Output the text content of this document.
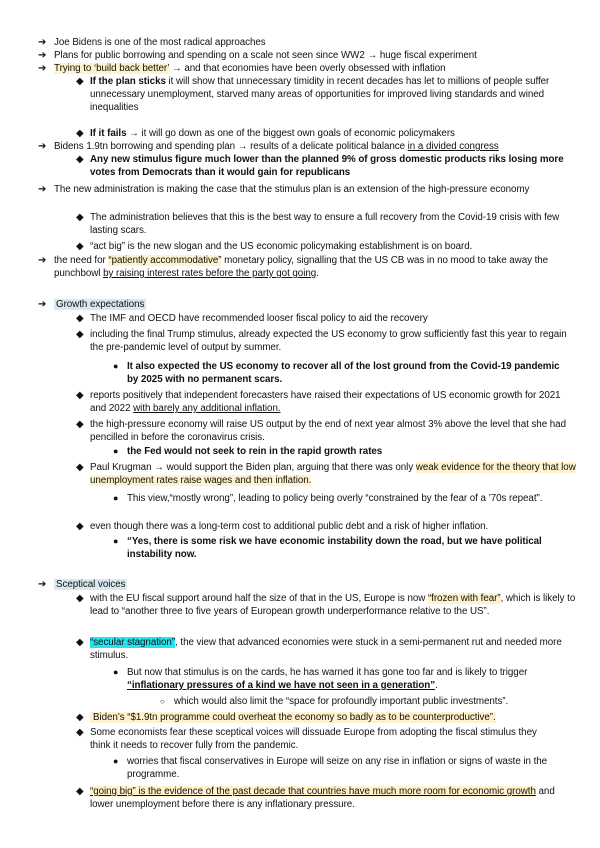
➔ Joe Bidens is one of the most radical approaches
➔ Plans for public borrowing and spending on a scale not seen since WW2 → huge fiscal experiment
➔ Trying to ‘build back better’ → and that economies have been overly obsessed with inflation
◆ If the plan sticks it will show that unnecessary timidity in recent decades has let to millions of people suffer unnecessary unemployment, starved many areas of opportunities for improved living standards and wined inequalities
◆ If it fails → it will go down as one of the biggest own goals of economic policymakers
➔ Bidens 1.9tn borrowing and spending plan → results of a delicate political balance in a divided congress
◆ Any new stimulus figure much lower than the planned 9% of gross domestic products riks losing more votes from Democrats than it would gain for republicans
➔ The new administration is making the case that the stimulus plan is an extension of the high-pressure economy
◆ The administration believes that this is the best way to ensure a full recovery from the Covid-19 crisis with few lasting scars.
◆ “act big” is the new slogan and the US economic policymaking establishment is on board.
➔ the need for “patiently accommodative” monetary policy, signalling that the US CB was in no mood to take away the punchbowl by raising interest rates before the party got going.
➔ Growth expectations
◆ The IMF and OECD have recommended looser fiscal policy to aid the recovery
◆ including the final Trump stimulus, already expected the US economy to grow sufficiently fast this year to regain the pre-pandemic level of output by summer.
● It also expected the US economy to recover all of the lost ground from the Covid-19 pandemic by 2025 with no permanent scars.
◆ reports positively that independent forecasters have raised their expectations of US economic growth for 2021 and 2022 with barely any additional inflation.
◆ the high-pressure economy will raise US output by the end of next year almost 3% above the level that she had pencilled in before the coronavirus crisis.
● the Fed would not seek to rein in the rapid growth rates
◆ Paul Krugman → would support the Biden plan, arguing that there was only weak evidence for the theory that low unemployment rates raise wages and then inflation.
● This view,“mostly wrong”, leading to policy being overly “constrained by the fear of a ’70s repeat”.
◆ even though there was a long-term cost to additional public debt and a risk of higher inflation.
● “Yes, there is some risk we have economic instability down the road, but we have political instability now.
➔ Sceptical voices
◆ with the EU fiscal support around half the size of that in the US, Europe is now “frozen with fear”, which is likely to lead to “another three to five years of European growth underperformance relative to the US”.
◆ “secular stagnation”, the view that advanced economies were stuck in a semi-permanent rut and needed more stimulus.
● But now that stimulus is on the cards, he has warned it has gone too far and is likely to trigger “inflationary pressures of a kind we have not seen in a generation”.
○ which would also limit the “space for profoundly important public investments”.
◆ Biden’s “$1.9tn programme could overheat the economy so badly as to be counterproductive”.
◆ Some economists fear these sceptical voices will dissuade Europe from adopting the fiscal stimulus they think it needs to recover fully from the pandemic.
● worries that fiscal conservatives in Europe will seize on any rise in inflation or signs of waste in the programme.
◆ “going big” is the evidence of the past decade that countries have much more room for economic growth and lower unemployment before there is any inflationary pressure.
